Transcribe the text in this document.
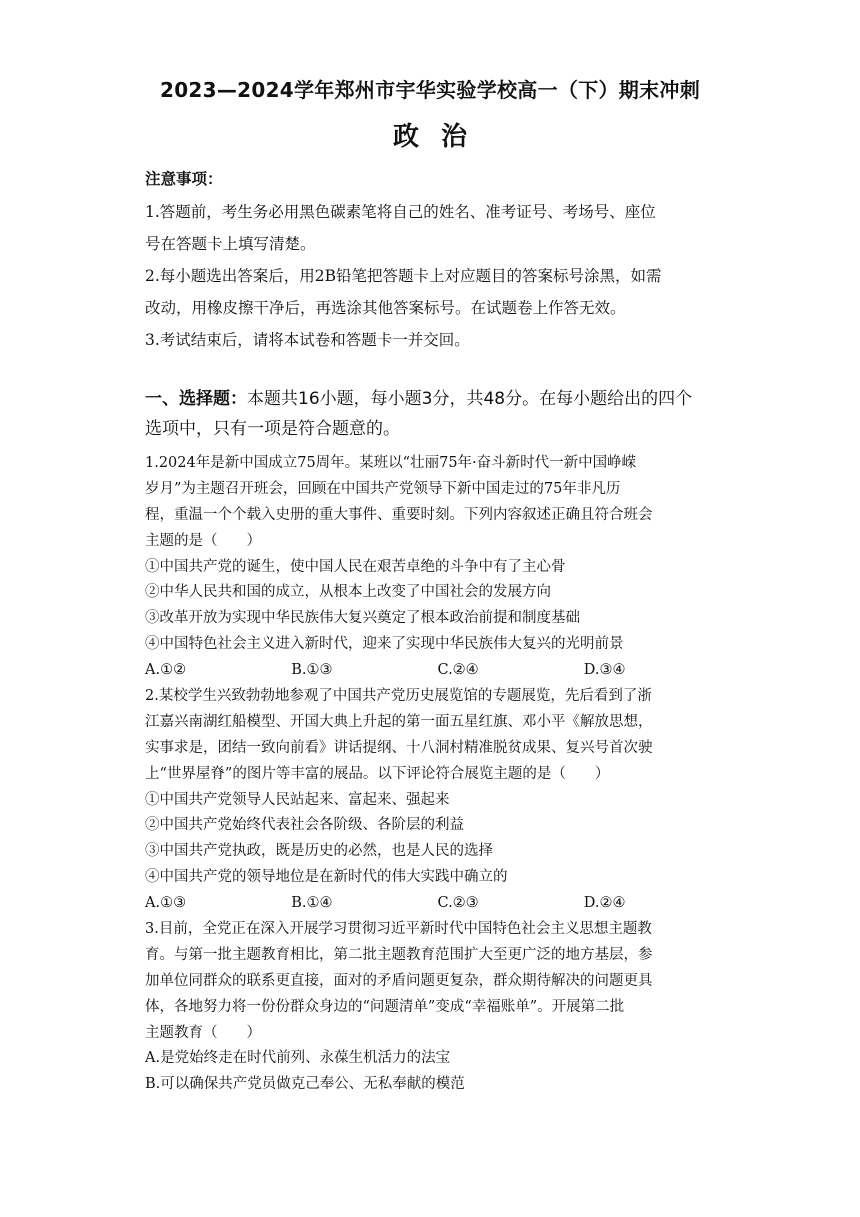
2023—2024学年郑州市宇华实验学校高一（下）期末冲刺
政治
注意事项：
1.答题前，考生务必用黑色碳素笔将自己的姓名、准考证号、考场号、座位
号在答题卡上填写清楚。
2.每小题选出答案后，用2B铅笔把答题卡上对应题目的答案标号涂黑，如需
改动，用橡皮擦干净后，再选涂其他答案标号。在试题卷上作答无效。
3.考试结束后，请将本试卷和答题卡一并交回。
一、选择题：本题共16小题，每小题3分，共48分。在每小题给出的四个
选项中，只有一项是符合题意的。
1.2024年是新中国成立75周年。某班以“壮丽75年·奋斗新时代一新中国峥嵘
岁月”为主题召开班会，回顾在中国共产党领导下新中国走过的75年非凡历
程，重温一个个载入史册的重大事件、重要时刻。下列内容叙述正确且符合班会
主题的是（　　）
①中国共产党的诞生，使中国人民在艰苦卓绝的斗争中有了主心骨
②中华人民共和国的成立，从根本上改变了中国社会的发展方向
③改革开放为实现中华民族伟大复兴奠定了根本政治前提和制度基础
④中国特色社会主义进入新时代，迎来了实现中华民族伟大复兴的光明前景
A.①②	B.①③	C.②④	D.③④
2.某校学生兴致勃勃地参观了中国共产党历史展览馆的专题展览，先后看到了浙
江嘉兴南湖红船模型、开国大典上升起的第一面五星红旗、邓小平《解放思想，
实事求是，团结一致向前看》讲话提纲、十八洞村精准脱贫成果、复兴号首次驶
上“世界屋脊”的图片等丰富的展品。以下评论符合展览主题的是（　　）
①中国共产党领导人民站起来、富起来、强起来
②中国共产党始终代表社会各阶级、各阶层的利益
③中国共产党执政，既是历史的必然，也是人民的选择
④中国共产党的领导地位是在新时代的伟大实践中确立的
A.①③	B.①④	C.②③	D.②④
3.目前，全党正在深入开展学习贯彻习近平新时代中国特色社会主义思想主题教
育。与第一批主题教育相比，第二批主题教育范围扩大至更广泛的地方基层，参
加单位同群众的联系更直接，面对的矛盾问题更复杂，群众期待解决的问题更具
体，各地努力将一份份群众身边的“问题清单”变成“幸福账单”。开展第二批
主题教育（　　）
A.是党始终走在时代前列、永葆生机活力的法宝
B.可以确保共产党员做克己奉公、无私奉献的模范
